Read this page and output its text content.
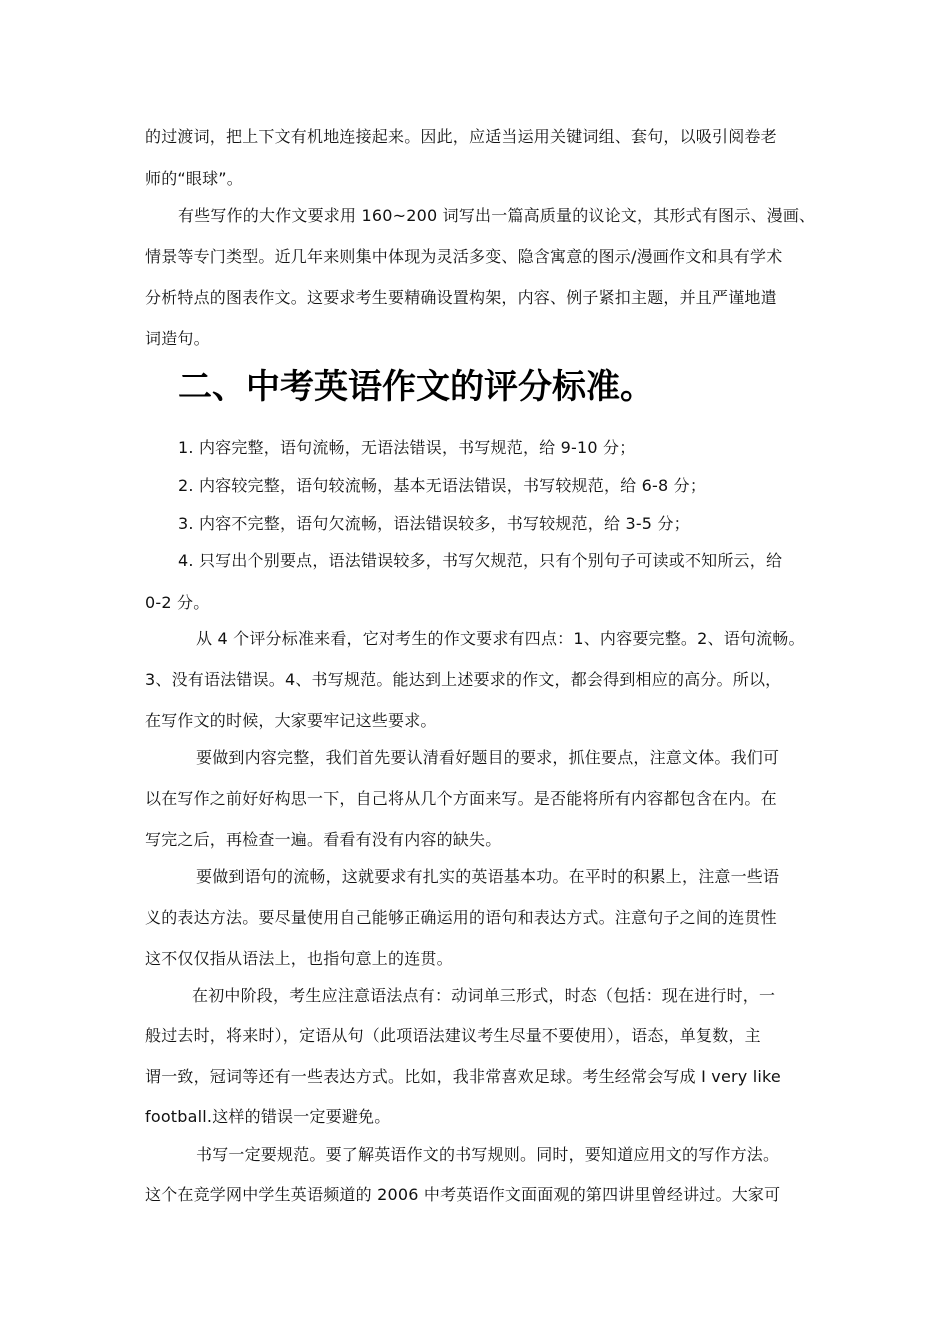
的过渡词，把上下文有机地连接起来。因此，应适当运用关键词组、套句，以吸引阅卷老
师的“眼球”。
有些写作的大作文要求用 160~200 词写出一篇高质量的议论文，其形式有图示、漫画、
情景等专门类型。近几年来则集中体现为灵活多变、隐含寓意的图示/漫画作文和具有学术
分析特点的图表作文。这要求考生要精确设置构架，内容、例子紧扣主题，并且严谨地遣
词造句。
二、中考英语作文的评分标准。
1. 内容完整，语句流畅，无语法错误，书写规范，给 9-10 分；
2. 内容较完整，语句较流畅，基本无语法错误，书写较规范，给 6-8 分；
3. 内容不完整，语句欠流畅，语法错误较多，书写较规范，给 3-5 分；
4. 只写出个别要点，语法错误较多，书写欠规范，只有个别句子可读或不知所云，给
0-2 分。
从 4 个评分标准来看，它对考生的作文要求有四点：1、内容要完整。2、语句流畅。
3、没有语法错误。4、书写规范。能达到上述要求的作文，都会得到相应的高分。所以，
在写作文的时候，大家要牢记这些要求。
要做到内容完整，我们首先要认清看好题目的要求，抓住要点，注意文体。我们可
以在写作之前好好构思一下，自己将从几个方面来写。是否能将所有内容都包含在内。在
写完之后，再检查一遍。看看有没有内容的缺失。
要做到语句的流畅，这就要求有扎实的英语基本功。在平时的积累上，注意一些语
义的表达方法。要尽量使用自己能够正确运用的语句和表达方式。注意句子之间的连贯性
这不仅仅指从语法上，也指句意上的连贯。
在初中阶段，考生应注意语法点有：动词单三形式，时态（包括：现在进行时，一
般过去时，将来时），定语从句（此项语法建议考生尽量不要使用），语态，单复数，主
谓一致，冠词等还有一些表达方式。比如，我非常喜欢足球。考生经常会写成 I very like
football.这样的错误一定要避免。
书写一定要规范。要了解英语作文的书写规则。同时，要知道应用文的写作方法。
这个在竞学网中学生英语频道的 2006 中考英语作文面面观的第四讲里曾经讲过。大家可
